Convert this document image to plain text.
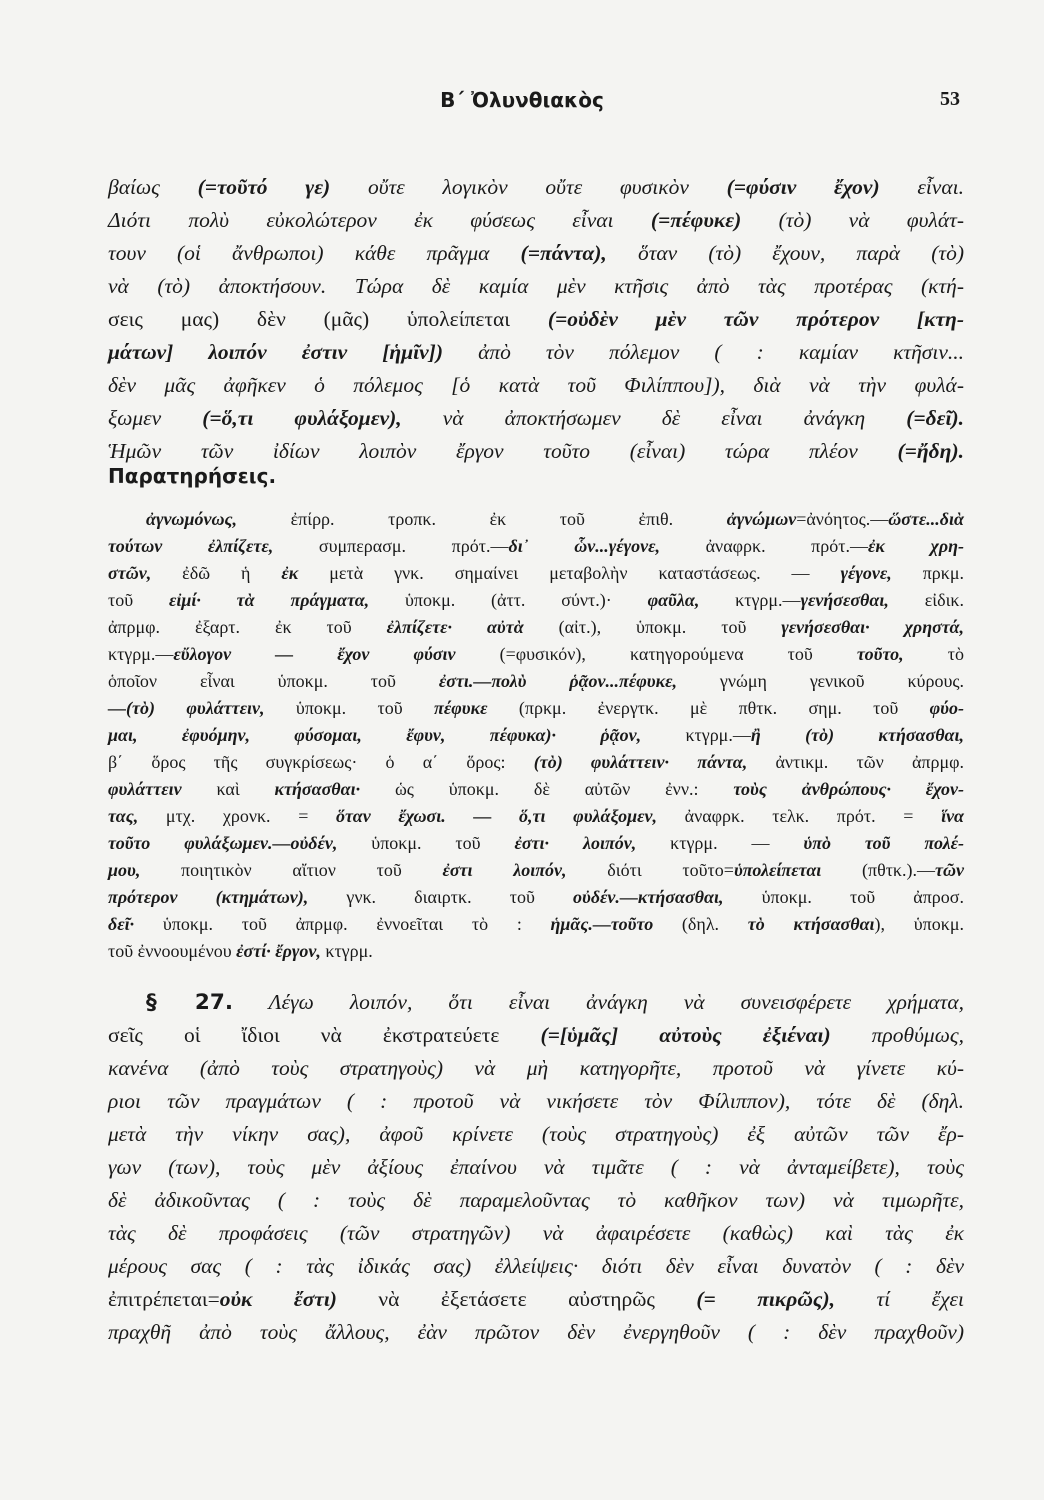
Β΄ Ὀλυνθιακὸς	53
βαίως (=τοῦτό γε) οὔτε λογικὸν οὔτε φυσικὸν (=φύσιν ἔχον) εἶναι.
Διότι πολὺ εὐκολώτερον ἐκ φύσεως εἶναι (=πέφυκε) (τὸ) νὰ φυλάτ-
τουν (οἱ ἄνθρωποι) κάθε πρᾶγμα (=πάντα), ὅταν (τὸ) ἔχουν, παρὰ (τὸ)
νὰ (τὸ) ἀποκτήσουν. Τώρα δὲ καμία μὲν κτῆσις ἀπὸ τὰς προτέρας (κτή-
σεις μας) δὲν (μᾶς) ὑπολείπεται (=οὐδὲν μὲν τῶν πρότερον [κτη-
μάτων] λοιπόν ἐστιν [ἡμῖν]) ἀπὸ τὸν πόλεμον ( : καμίαν κτῆσιν...
δὲν μᾶς ἀφῆκεν ὁ πόλεμος [ὁ κατὰ τοῦ Φιλίππου]), διὰ νὰ τὴν φυλά-
ξωμεν (=ὅ,τι φυλάξομεν), νὰ ἀποκτήσωμεν δὲ εἶναι ἀνάγκη (=δεῖ).
Ἡμῶν τῶν ἰδίων λοιπὸν ἔργον τοῦτο (εἶναι) τώρα πλέον (=ἤδη).
Παρατηρήσεις.
ἀγνωμόνως, ἐπίρρ. τροπκ. ἐκ τοῦ ἐπιθ. ἀγνώμων=ἀνόητος.—ὥστε...διὰ
τούτων ἐλπίζετε, συμπερασμ. πρότ.—δι᾽ ὧν...γέγονε, ἀναφρκ. πρότ.—ἐκ χρη-
στῶν, ἐδῶ ἡ ἐκ μετὰ γνκ. σημαίνει μεταβολὴν καταστάσεως. — γέγονε, πρκμ.
τοῦ εἰμί· τὰ πράγματα, ὑποκμ. (ἀττ. σύντ.)· φαῦλα, κτγρμ.—γενήσεσθαι, εἰδικ.
ἀπρμφ. ἐξαρτ. ἐκ τοῦ ἐλπίζετε· αὐτὰ (αἰτ.), ὑποκμ. τοῦ γενήσεσθαι· χρηστά,
κτγρμ.—εὔλογον — ἔχον φύσιν (=φυσικόν), κατηγορούμενα τοῦ τοῦτο, τὸ
ὁποῖον εἶναι ὑποκμ. τοῦ ἐστι.—πολὺ ῥᾷον...πέφυκε, γνώμη γενικοῦ κύρους.
—(τὸ) φυλάττειν, ὑποκμ. τοῦ πέφυκε (πρκμ. ἐνεργτκ. μὲ πθτκ. σημ. τοῦ φύο-
μαι, ἐφυόμην, φύσομαι, ἔφυν, πέφυκα)· ῥᾷον, κτγρμ.—ἢ (τὸ) κτήσασθαι,
β΄ ὅρος τῆς συγκρίσεως· ὁ α΄ ὅρος: (τὸ) φυλάττειν· πάντα, ἀντικμ. τῶν ἀπρμφ.
φυλάττειν καὶ κτήσασθαι· ὡς ὑποκμ. δὲ αὐτῶν ἐνν.: τοὺς ἀνθρώπους· ἔχον-
τας, μτχ. χρονκ. = ὅταν ἔχωσι. — ὅ,τι φυλάξομεν, ἀναφρκ. τελκ. πρότ. = ἵνα
τοῦτο φυλάξωμεν.—οὐδέν, ὑποκμ. τοῦ ἐστι· λοιπόν, κτγρμ. — ὑπὸ τοῦ πολέ-
μου, ποιητικὸν αἴτιον τοῦ ἐστι λοιπόν, διότι τοῦτο=ὑπολείπεται (πθτκ.).—τῶν
πρότερον (κτημάτων), γνκ. διαιρτκ. τοῦ οὐδέν.—κτήσασθαι, ὑποκμ. τοῦ ἀπροσ.
δεῖ· ὑποκμ. τοῦ ἀπρμφ. ἐννοεῖται τὸ : ἡμᾶς.—τοῦτο (δηλ. τὸ κτήσασθαι), ὑποκμ.
τοῦ ἐννοουμένου ἐστί· ἔργον, κτγρμ.
§ 27. Λέγω λοιπόν, ὅτι εἶναι ἀνάγκη νὰ συνεισφέρετε χρήματα,
σεῖς οἱ ἴδιοι νὰ ἐκστρατεύετε (=[ὑμᾶς] αὐτοὺς ἐξιέναι) προθύμως,
κανένα (ἀπὸ τοὺς στρατηγοὺς) νὰ μὴ κατηγορῆτε, προτοῦ νὰ γίνετε κύ-
ριοι τῶν πραγμάτων ( : προτοῦ νὰ νικήσετε τὸν Φίλιππον), τότε δὲ (δηλ.
μετὰ τὴν νίκην σας), ἀφοῦ κρίνετε (τοὺς στρατηγοὺς) ἐξ αὐτῶν τῶν ἔρ-
γων (των), τοὺς μὲν ἀξίους ἐπαίνου νὰ τιμᾶτε ( : νὰ ἀνταμείβετε), τοὺς
δὲ ἀδικοῦντας ( : τοὺς δὲ παραμελοῦντας τὸ καθῆκον των) νὰ τιμωρῆτε,
τὰς δὲ προφάσεις (τῶν στρατηγῶν) νὰ ἀφαιρέσετε (καθὼς) καὶ τὰς ἐκ
μέρους σας ( : τὰς ἰδικάς σας) ἐλλείψεις· διότι δὲν εἶναι δυνατὸν ( : δὲν
ἐπιτρέπεται=οὐκ ἔστι) νὰ ἐξετάσετε αὐστηρῶς (= πικρῶς), τί ἔχει
πραχθῆ ἀπὸ τοὺς ἄλλους, ἐὰν πρῶτον δὲν ἐνεργηθοῦν ( : δὲν πραχθοῦν)
